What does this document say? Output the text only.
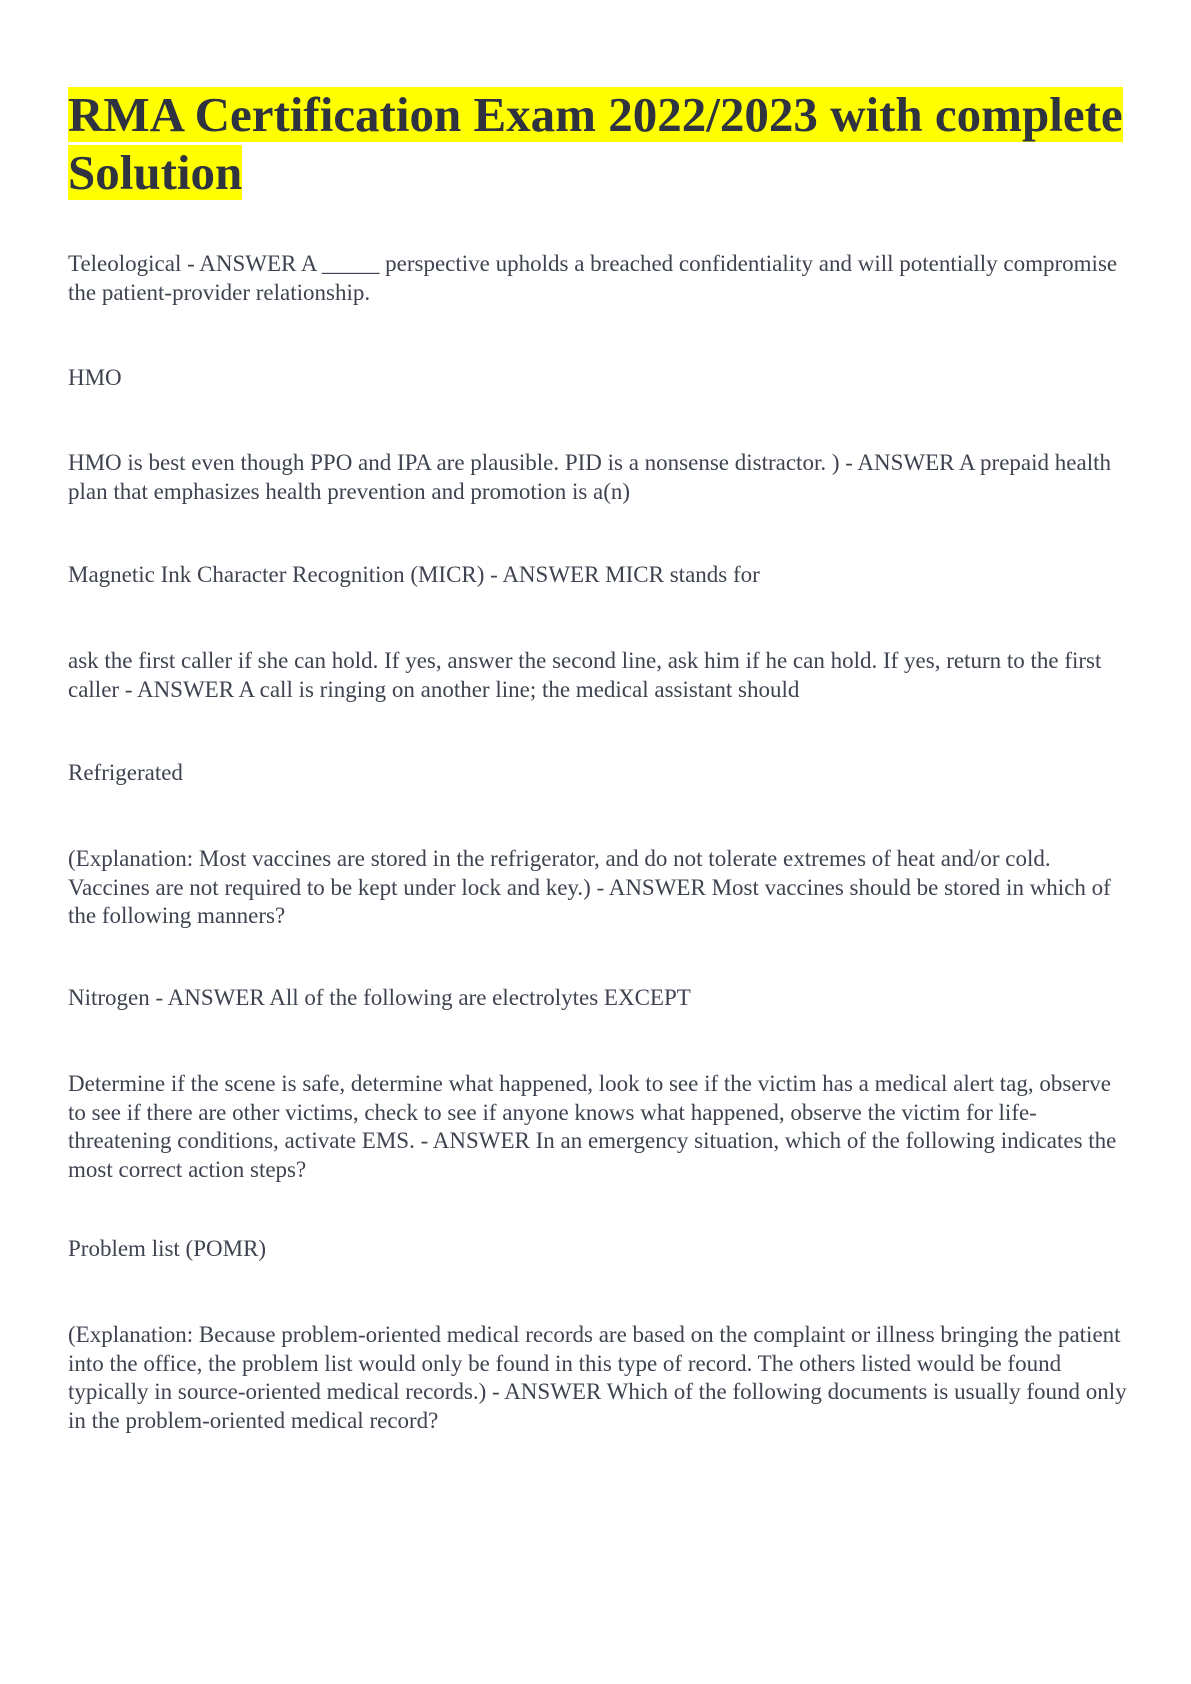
RMA Certification Exam 2022/2023 with complete
Solution

Teleological - ANSWER A _____ perspective upholds a breached confidentiality and will potentially compromise the patient-provider relationship.

HMO

HMO is best even though PPO and IPA are plausible. PID is a nonsense distractor. ) - ANSWER A prepaid health plan that emphasizes health prevention and promotion is a(n)

Magnetic Ink Character Recognition (MICR) - ANSWER MICR stands for

ask the first caller if she can hold. If yes, answer the second line, ask him if he can hold. If yes, return to the first caller - ANSWER A call is ringing on another line; the medical assistant should

Refrigerated

(Explanation: Most vaccines are stored in the refrigerator, and do not tolerate extremes of heat and/or cold. Vaccines are not required to be kept under lock and key.) - ANSWER Most vaccines should be stored in which of the following manners?

Nitrogen - ANSWER All of the following are electrolytes EXCEPT

Determine if the scene is safe, determine what happened, look to see if the victim has a medical alert tag, observe to see if there are other victims, check to see if anyone knows what happened, observe the victim for life-threatening conditions, activate EMS. - ANSWER In an emergency situation, which of the following indicates the most correct action steps?

Problem list (POMR)

(Explanation: Because problem-oriented medical records are based on the complaint or illness bringing the patient into the office, the problem list would only be found in this type of record. The others listed would be found typically in source-oriented medical records.) - ANSWER Which of the following documents is usually found only in the problem-oriented medical record?
